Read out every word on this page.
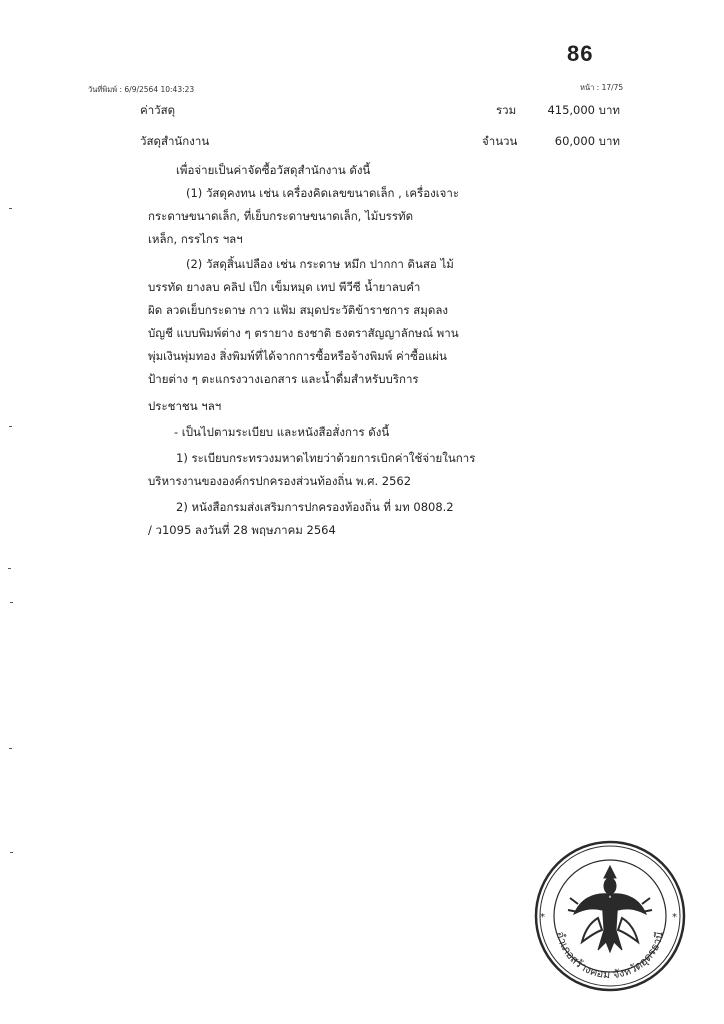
86
วันที่พิมพ์ : 6/9/2564 10:43:23	หน้า : 17/75
ค่าวัสดุ	รวม	415,000 บาท
วัสดุสำนักงาน	จำนวน	60,000 บาท
เพื่อจ่ายเป็นค่าจัดซื้อวัสดุสำนักงาน ดังนี้
(1) วัสดุคงทน เช่น เครื่องคิดเลขขนาดเล็ก , เครื่องเจาะ
กระดาษขนาดเล็ก, ที่เย็บกระดาษขนาดเล็ก, ไม้บรรทัด
เหล็ก, กรรไกร ฯลฯ
(2) วัสดุสิ้นเปลือง เช่น กระดาษ หมึก ปากกา ดินสอ ไม้
บรรทัด ยางลบ คลิป เป๊ก เข็มหมุด เทป พีวีซี น้ำยาลบคำ
ผิด ลวดเย็บกระดาษ กาว แฟ้ม สมุดประวัติข้าราชการ สมุดลง
บัญชี แบบพิมพ์ต่าง ๆ ตรายาง ธงชาติ ธงตราสัญญาลักษณ์ พาน
พุ่มเงินพุ่มทอง สิ่งพิมพ์ที่ได้จากการซื้อหรือจ้างพิมพ์ ค่าซื้อแผ่น
ป้ายต่าง ๆ ตะแกรงวางเอกสาร และน้ำดื่มสำหรับบริการ
ประชาชน ฯลฯ
- เป็นไปตามระเบียบ และหนังสือสั่งการ ดังนี้
1) ระเบียบกระทรวงมหาดไทยว่าด้วยการเบิกค่าใช้จ่ายในการ
บริหารงานขององค์กรปกครองส่วนท้องถิ่น พ.ศ. 2562
2) หนังสือกรมส่งเสริมการปกครองท้องถิ่น ที่ มท 0808.2
/ ว1095 ลงวันที่ 28 พฤษภาคม 2564
*	*
อำเภอสร้างคอม จังหวัดอุดรธานี
